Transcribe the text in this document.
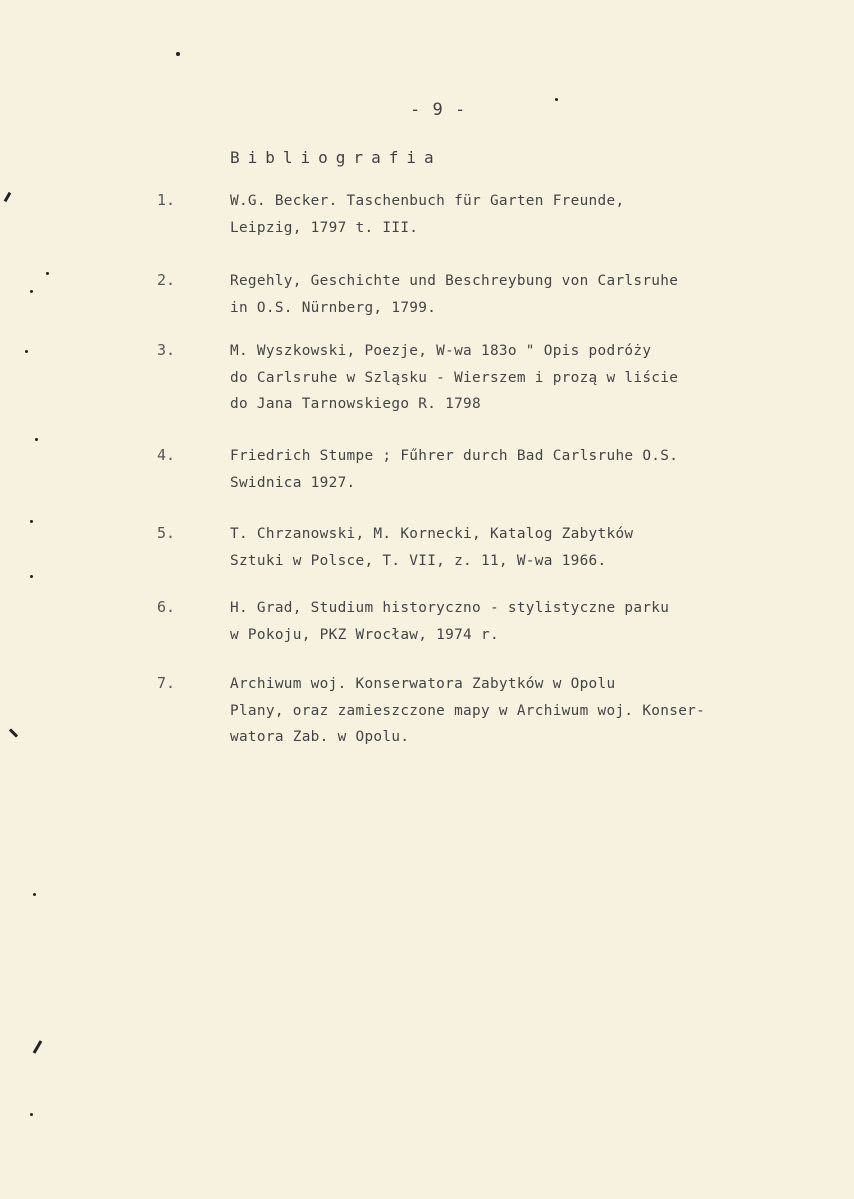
- 9 -
Bibliografia
1.	W.G. Becker. Taschenbuch für Garten Freunde,
Leipzig, 1797 t. III.
2.	Regehly, Geschichte und Beschreybung von Carlsruhe
in O.S. Nürnberg, 1799.
3.	M. Wyszkowski, Poezje, W-wa 183o " Opis podróży
do Carlsruhe w Szląsku - Wierszem i prozą w liście
do Jana Tarnowskiego R. 1798
4.	Friedrich Stumpe ; Fűhrer durch Bad Carlsruhe O.S.
Swidnica 1927.
5.	T. Chrzanowski, M. Kornecki, Katalog Zabytków
Sztuki w Polsce, T. VII, z. 11, W-wa 1966.
6.	H. Grad, Studium historyczno - stylistyczne parku
w Pokoju, PKZ Wrocław, 1974 r.
7.	Archiwum woj. Konserwatora Zabytków w Opolu
Plany, oraz zamieszczone mapy w Archiwum woj. Konser-
watora Zab. w Opolu.
